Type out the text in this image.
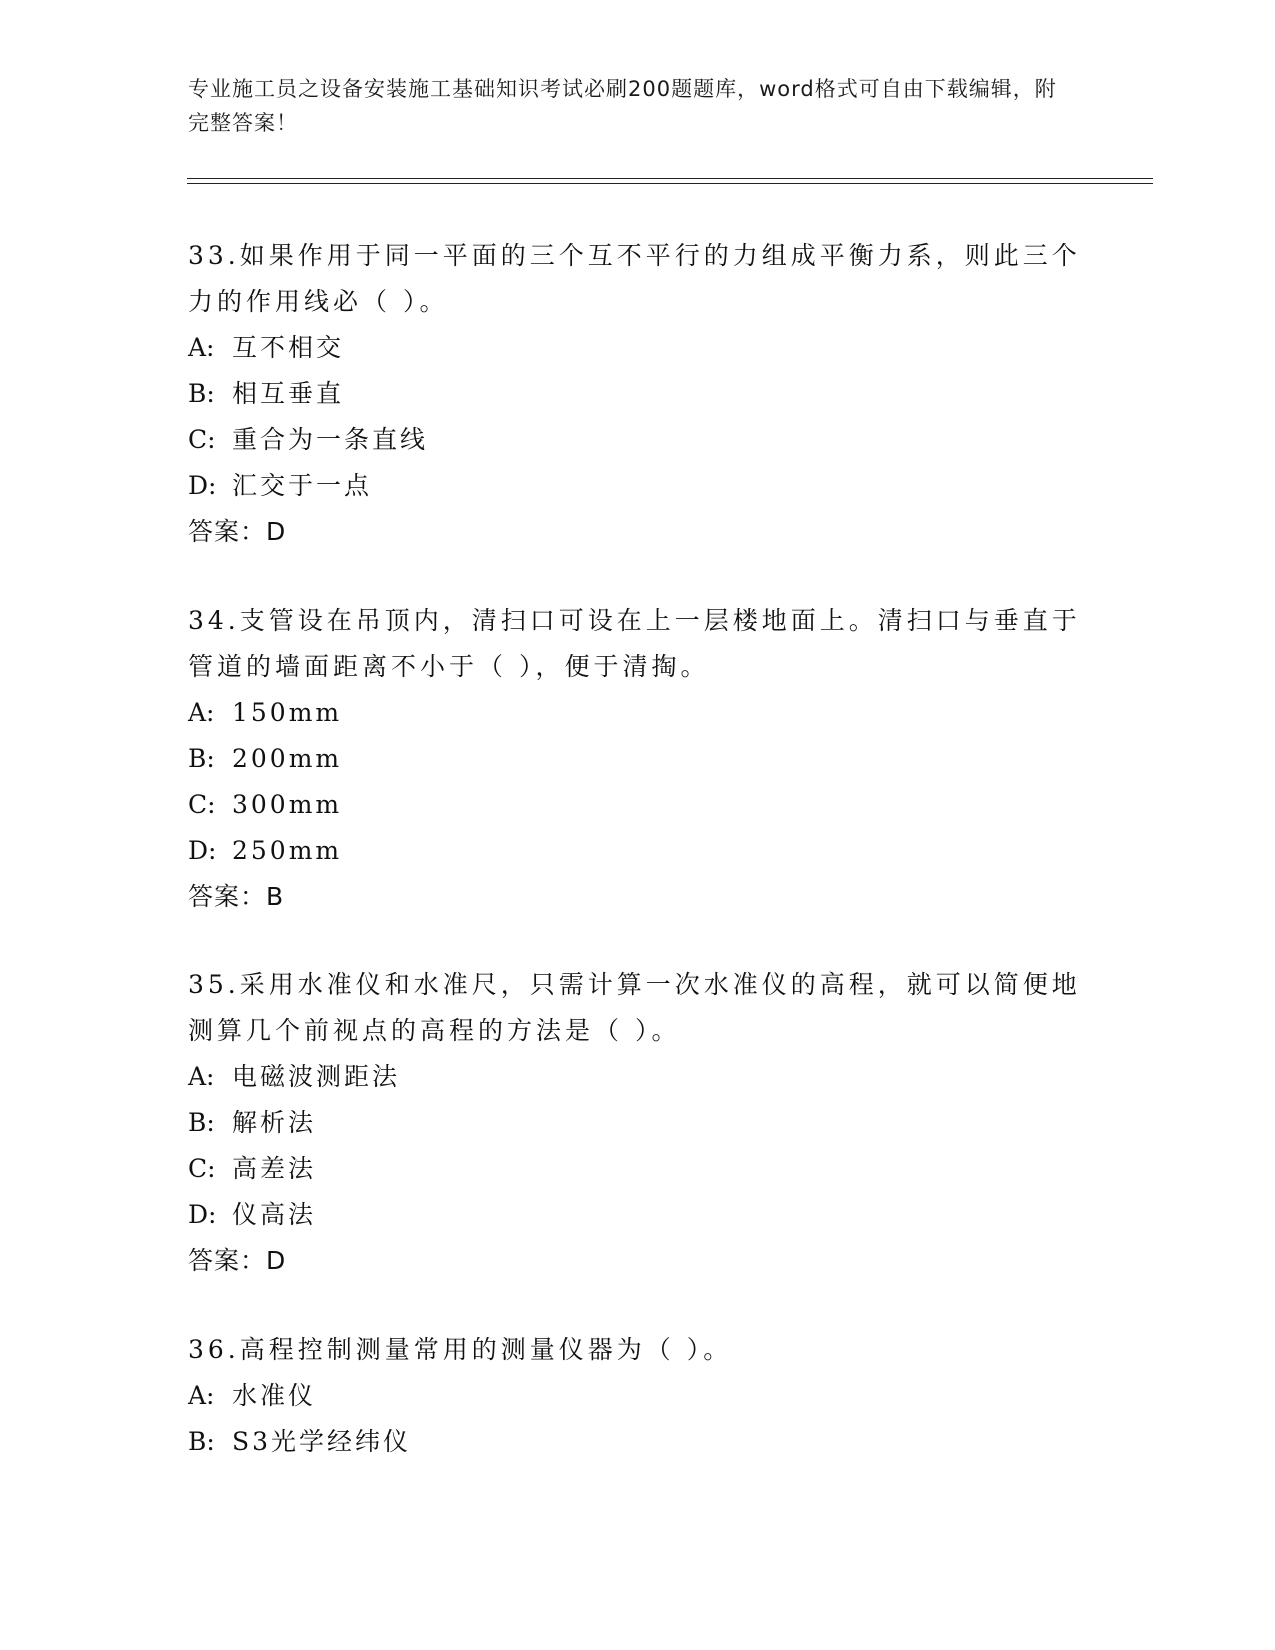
专业施工员之设备安装施工基础知识考试必刷200题题库，word格式可自由下载编辑，附完整答案！

33.如果作用于同一平面的三个互不平行的力组成平衡力系，则此三个力的作用线必（ ）。

A: 互不相交

B: 相互垂直

C: 重合为一条直线

D: 汇交于一点

答案：D

34.支管设在吊顶内，清扫口可设在上一层楼地面上。清扫口与垂直于管道的墙面距离不小于（ ），便于清掏。

A: 150mm

B: 200mm

C: 300mm

D: 250mm

答案：B

35.采用水准仪和水准尺，只需计算一次水准仪的高程，就可以简便地测算几个前视点的高程的方法是（ ）。

A: 电磁波测距法

B: 解析法

C: 高差法

D: 仪高法

答案：D

36.高程控制测量常用的测量仪器为（ ）。

A: 水准仪

B: S3光学经纬仪
